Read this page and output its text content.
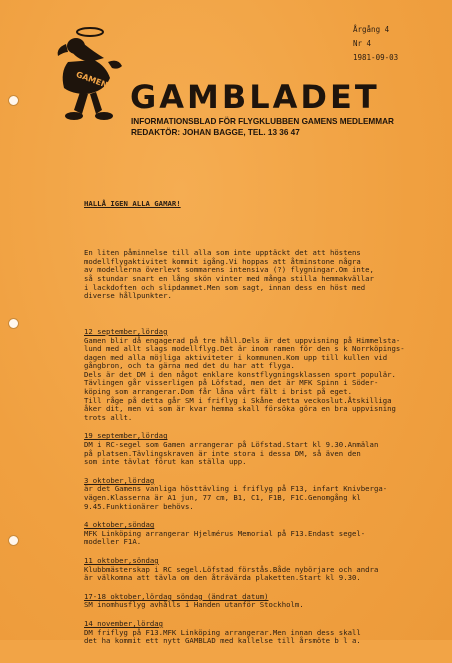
Årgång 4
Nr 4
1981-09-03
GAMEN GAMBLADET
INFORMATIONSBLAD FÖR FLYGKLUBBEN GAMENS MEDLEMMAR
REDAKTÖR: JOHAN BAGGE, TEL. 13 36 47

HALLÅ IGEN ALLA GAMAR!

En liten påminnelse till alla som inte upptäckt det att höstens
modellflygaktivitet kommit igång.Vi hoppas att åtminstone några
av modellerna överlevt sommarens intensiva (?) flygningar.Om inte,
så stundar snart en lång skön vinter med många stilla hemmakvällar
i lackdoften och slipdammet.Men som sagt, innan dess en höst med
diverse hållpunkter.

12 september,lördag
Gamen blir då engagerad på tre håll.Dels är det uppvisning på Himmelsta-
lund med allt slags modellflyg.Det är inom ramen för den s k Norrköpings-
dagen med alla möjliga aktiviteter i kommunen.Kom upp till kullen vid
gångbron, och ta gärna med det du har att flyga.
Dels är det DM i den något enklare konstflygningsklassen sport populär.
Tävlingen går visserligen på Löfstad, men det är MFK Spinn i Söder-
köping som arrangerar.Dom får låna vårt fält i brist på eget.
Till råge på detta går SM i friflyg i Skåne detta veckoslut.Åtskilliga
åker dit, men vi som är kvar hemma skall försöka göra en bra uppvisning
trots allt.
19 september,lördag
DM i RC-segel som Gamen arrangerar på Löfstad.Start kl 9.30.Anmälan
på platsen.Tävlingskraven är inte stora i dessa DM, så även den
som inte tävlat förut kan ställa upp.
3 oktober,lördag
är det Gamens vanliga hösttävling i friflyg på F13, infart Knivberga-
vägen.Klasserna är A1 jun, 77 cm, B1, C1, F1B, F1C.Genomgång kl
9.45.Funktionärer behövs.
4 oktober,söndag
MFK Linköping arrangerar Hjelmérus Memorial på F13.Endast segel-
modeller F1A.
11 oktober,söndag
Klubbmästerskap i RC segel.Löfstad förstås.Både nybörjare och andra
är välkomna att tävla om den åträvärda plaketten.Start kl 9.30.
17-18 oktober,lördag söndag (ändrat datum)
SM inomhusflyg avhålls i Handen utanför Stockholm.
14 november,lördag
DM friflyg på F13.MFK Linköping arrangerar.Men innan dess skall
det ha kommit ett nytt GAMBLAD med kallelse till årsmöte b l a.
